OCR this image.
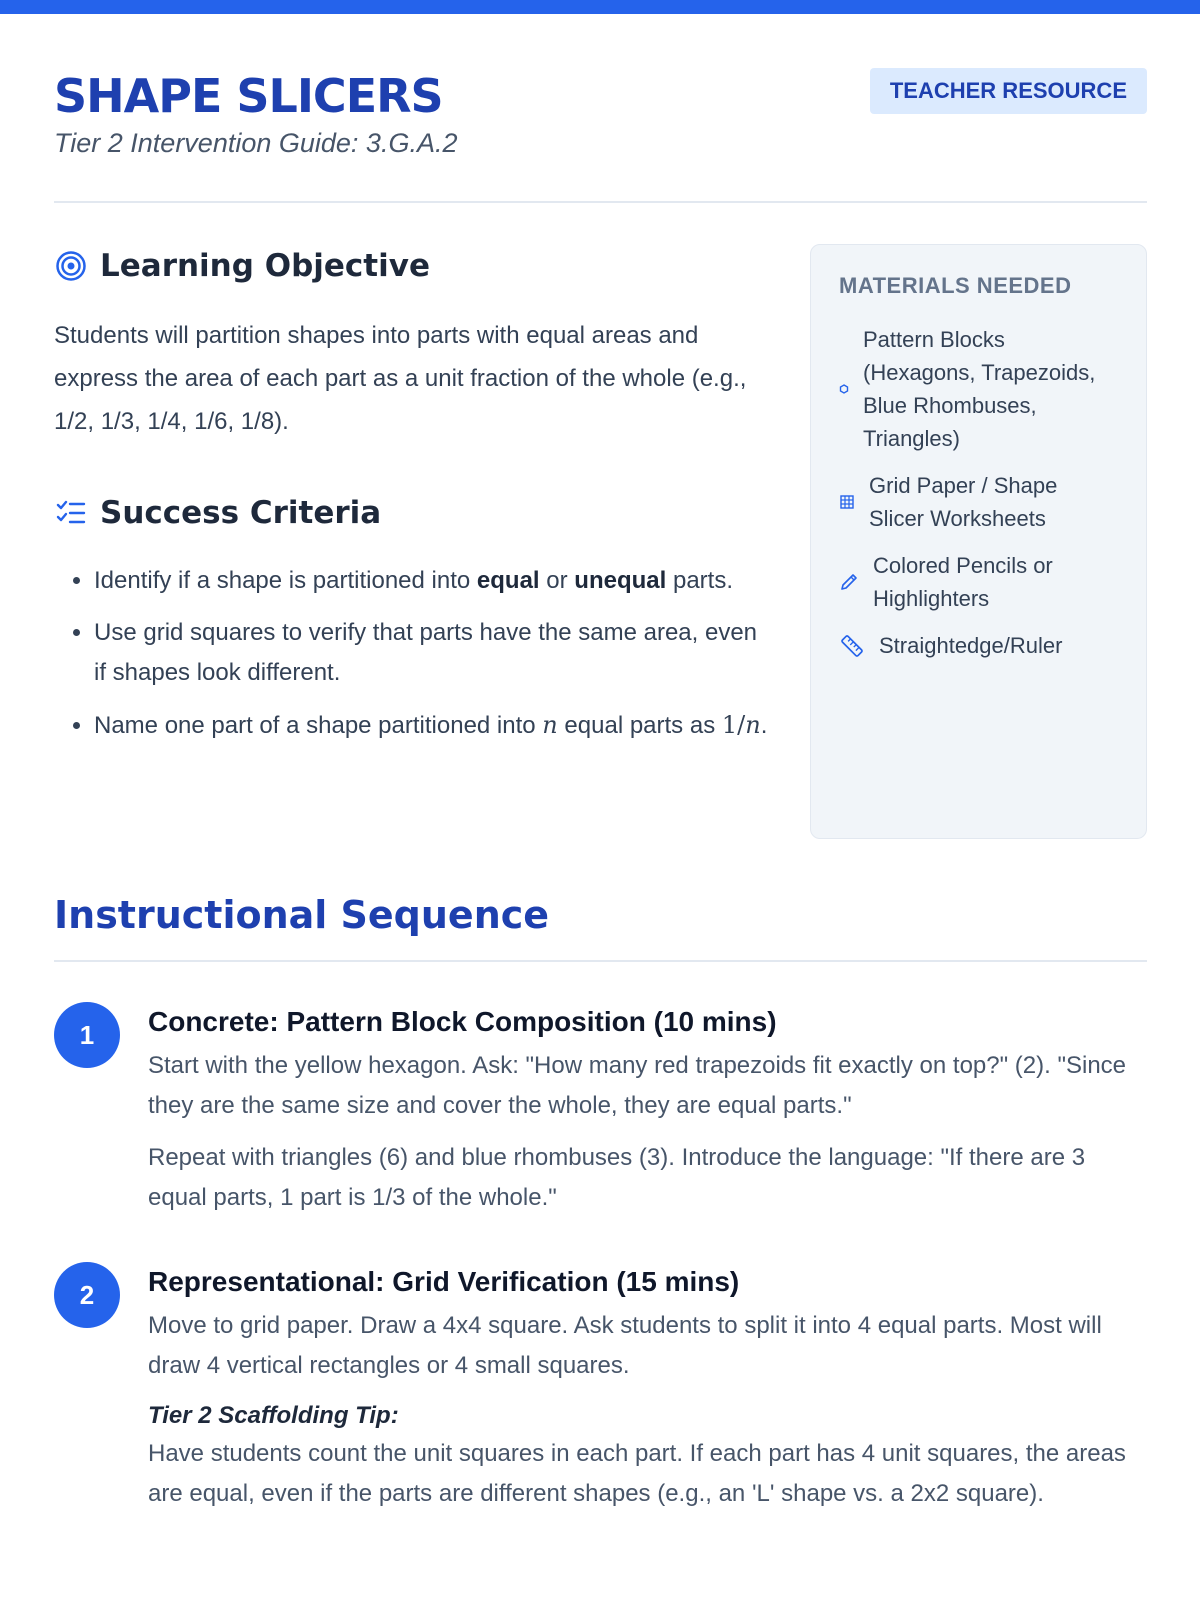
SHAPE SLICERS
Tier 2 Intervention Guide: 3.G.A.2
TEACHER RESOURCE
Learning Objective

Students will partition shapes into parts with equal areas and express the area of each part as a unit fraction of the whole (e.g., 1/2, 1/3, 1/4, 1/6, 1/8).

Success Criteria
• Identify if a shape is partitioned into equal or unequal parts.
• Use grid squares to verify that parts have the same area, even if shapes look different.
• Name one part of a shape partitioned into n equal parts as 1/n.
MATERIALS NEEDED
Pattern Blocks (Hexagons, Trapezoids, Blue Rhombuses, Triangles)
Grid Paper / Shape Slicer Worksheets
Colored Pencils or Highlighters
Straightedge/Ruler
Instructional Sequence
1	Concrete: Pattern Block Composition (10 mins)

Start with the yellow hexagon. Ask: "How many red trapezoids fit exactly on top?" (2). "Since they are the same size and cover the whole, they are equal parts."

Repeat with triangles (6) and blue rhombuses (3). Introduce the language: "If there are 3 equal parts, 1 part is 1/3 of the whole."

2	Representational: Grid Verification (15 mins)

Move to grid paper. Draw a 4x4 square. Ask students to split it into 4 equal parts. Most will draw 4 vertical rectangles or 4 small squares.

Tier 2 Scaffolding Tip:

Have students count the unit squares in each part. If each part has 4 unit squares, the areas are equal, even if the parts are different shapes (e.g., an 'L' shape vs. a 2x2 square).
